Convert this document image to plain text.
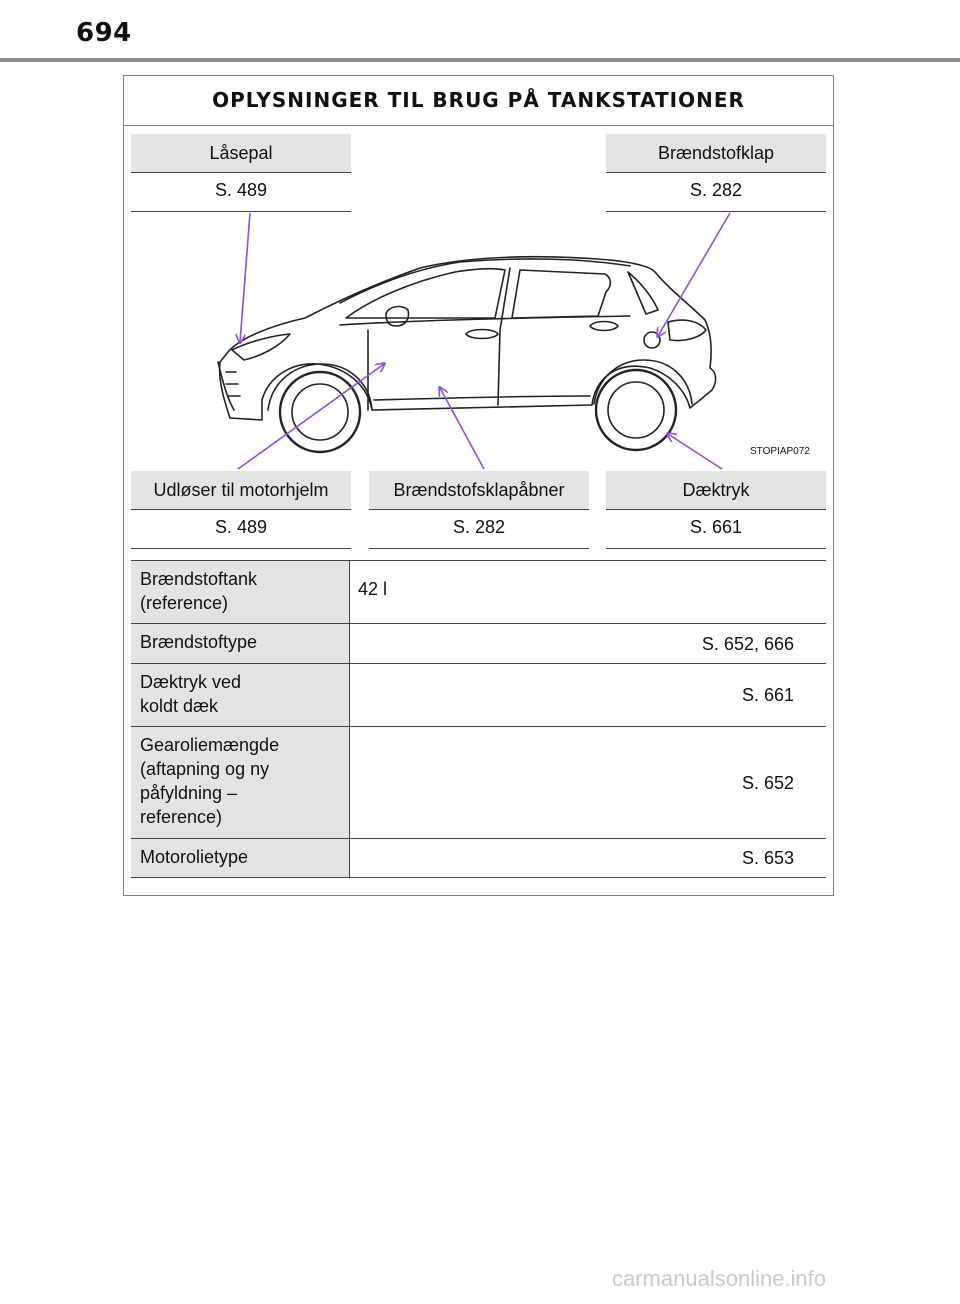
694
OPLYSNINGER TIL BRUG PÅ TANKSTATIONER
Låsepal
S. 489
Brændstofklap
S. 282
STOPIAP072
Udløser til motorhjelm
S. 489
Brændstofsklapåbner
S. 282
Dæktryk
S. 661
Brændstoftank
(reference)
42 l
Brændstoftype	S. 652, 666
Dæktryk ved
koldt dæk
S. 661
Gearoliemængde
(aftapning og ny
påfyldning –
reference)
S. 652
Motorolietype	S. 653
carmanualsonline.info
